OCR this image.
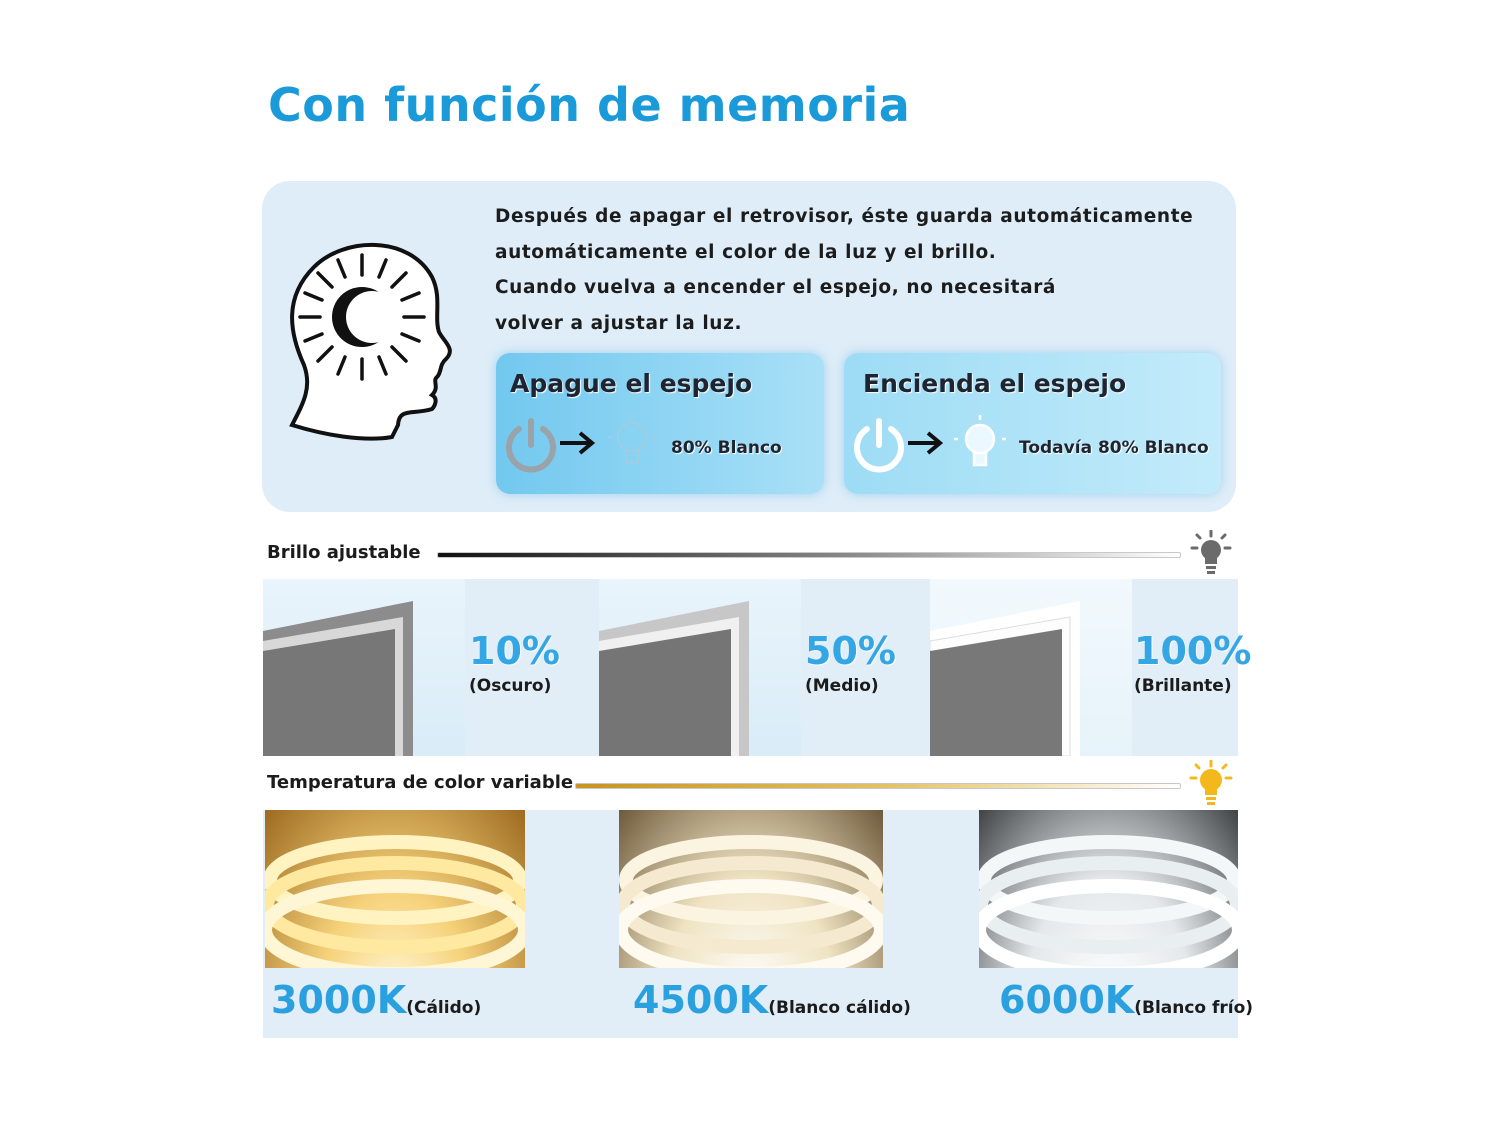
Con función de memoria

Después de apagar el retrovisor, éste guarda automáticamente

automáticamente el color de la luz y el brillo.

Cuando vuelva a encender el espejo, no necesitará

volver a ajustar la luz.

Apague el espejo
80% Blanco
Encienda el espejo
Todavía 80% Blanco
Brillo ajustable
10%
(Oscuro)
50%
(Medio)
100%
(Brillante)
Temperatura de color variable
3000K(Cálido)	4500K(Blanco cálido) 6000K(Blanco frío)
